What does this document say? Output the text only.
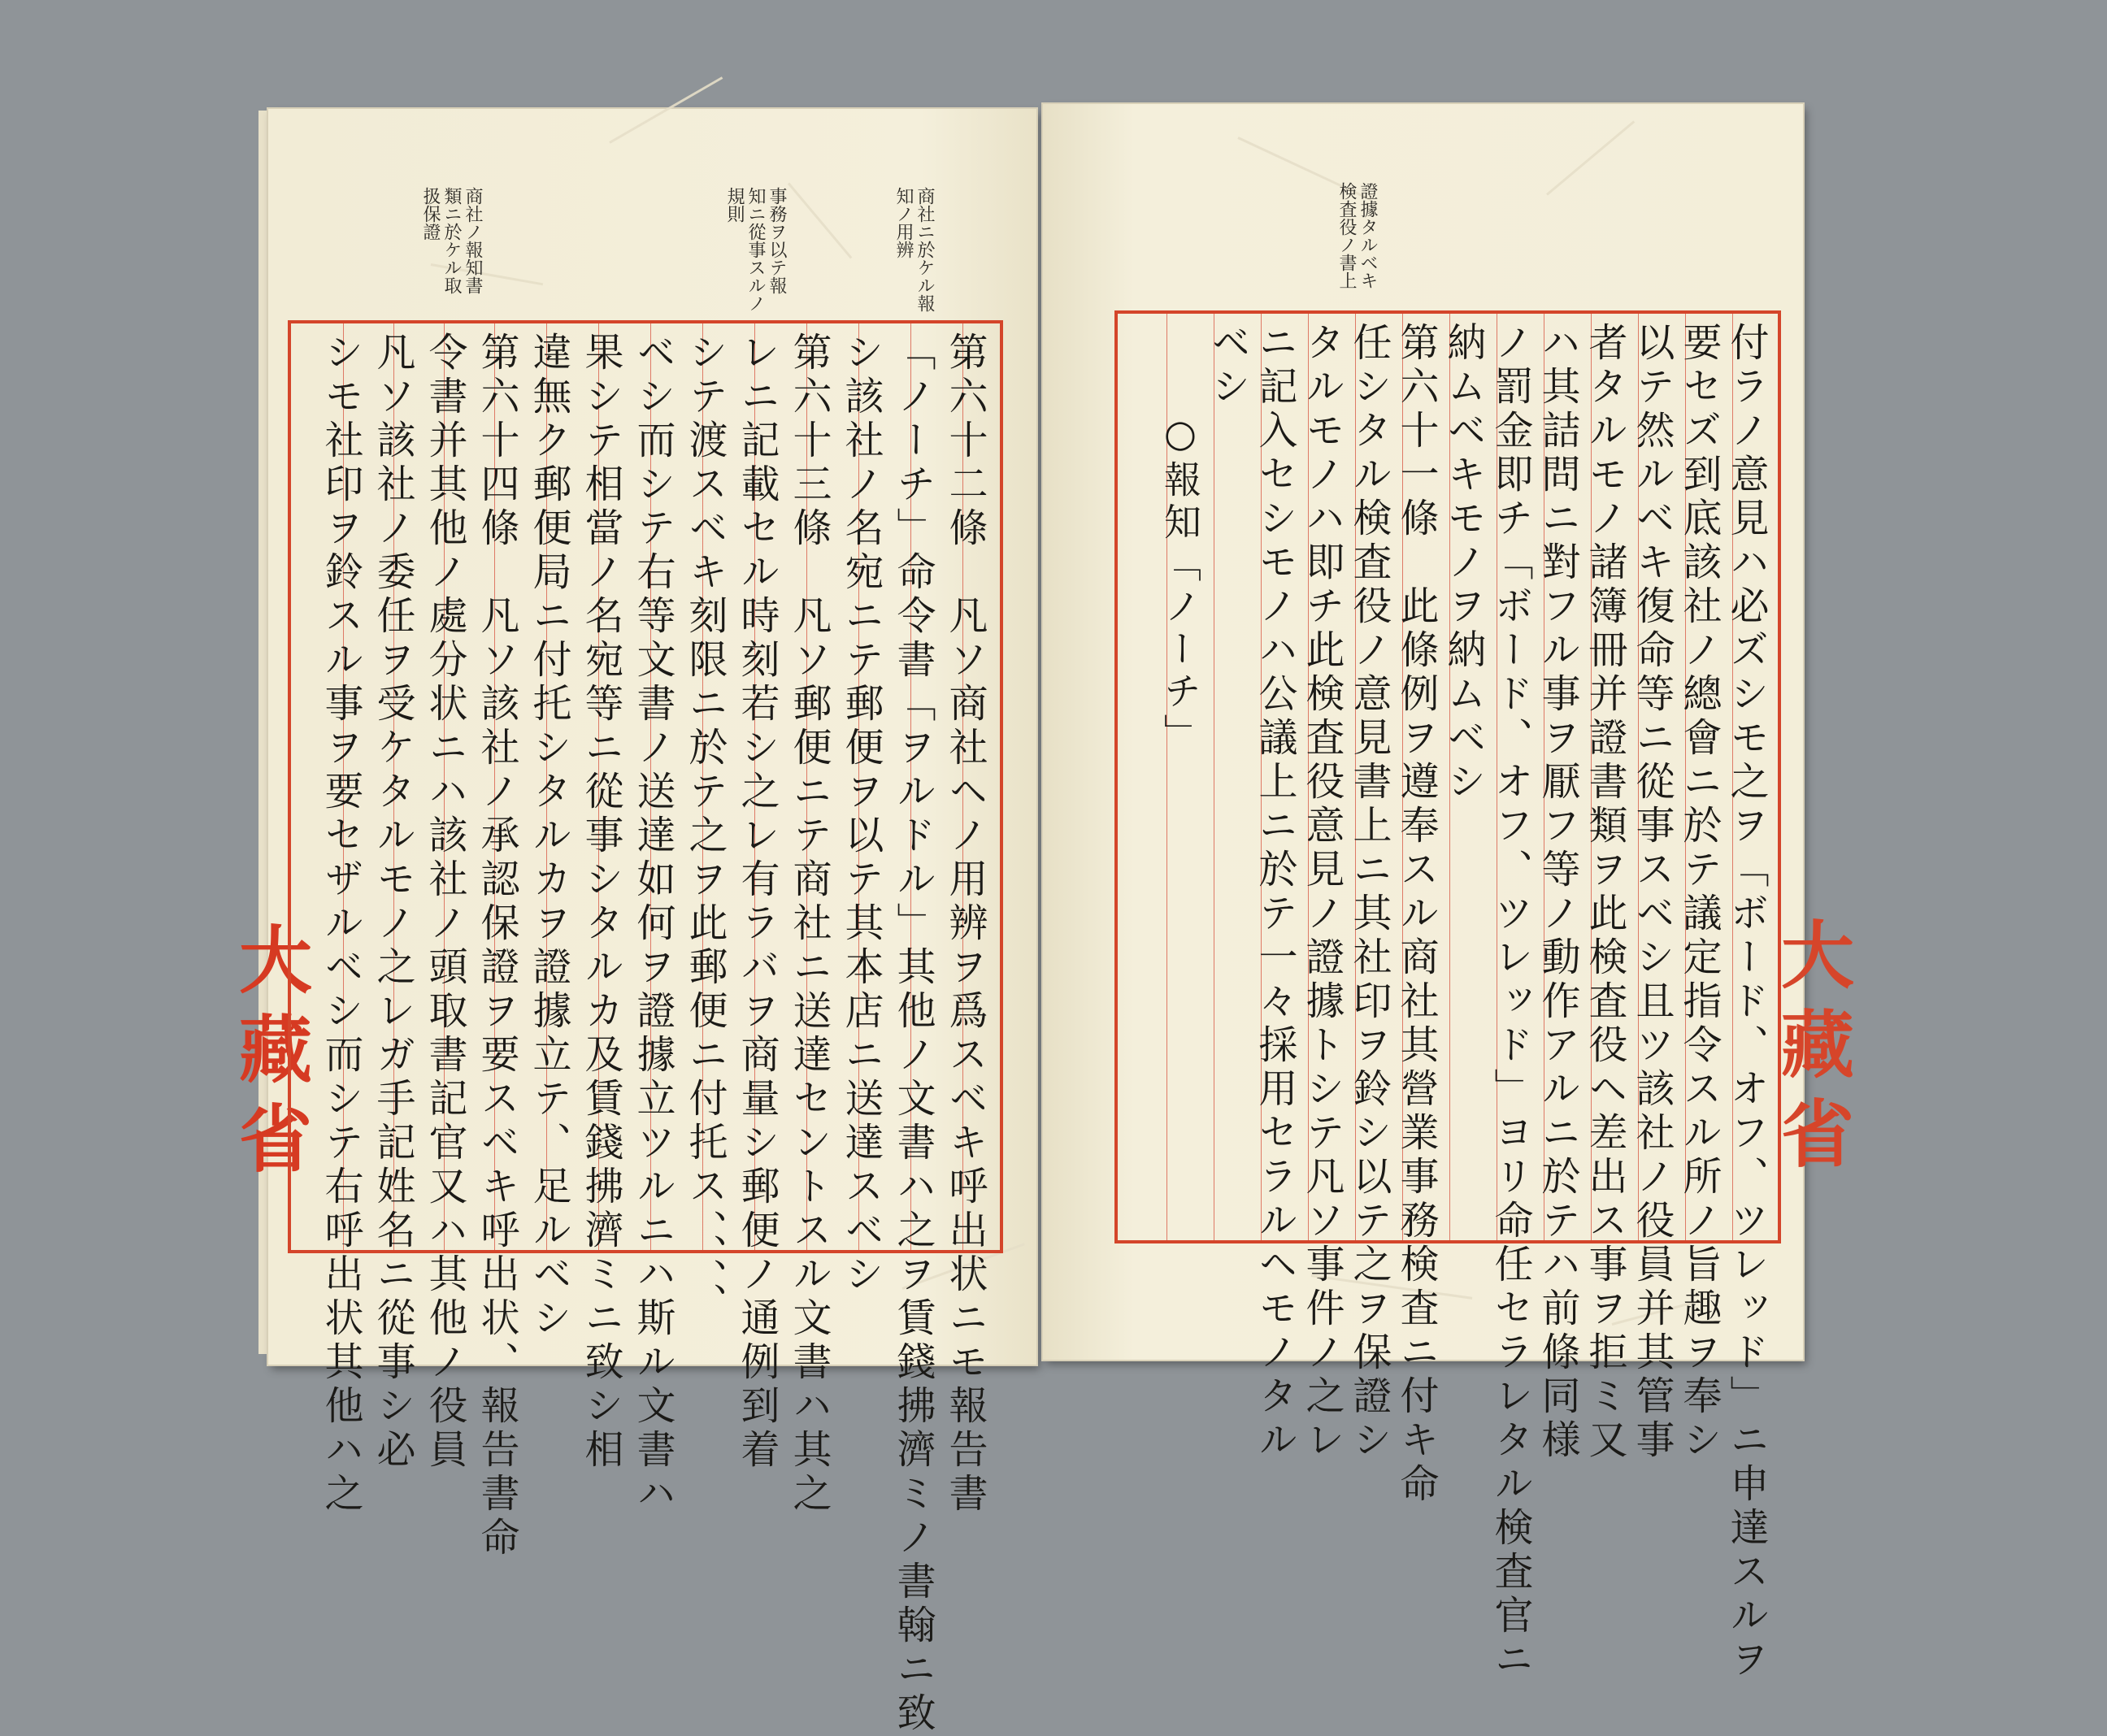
商社ニ於ケル報
知ノ用辨
事務ヲ以テ報
知ニ從事スルノ
規則
商社ノ報知書
類ニ於ケル取
扱保證
大藏省	第六十二條　凡ソ商社ヘノ用辨ヲ爲スベキ呼出状ニモ報告書
「ノーチ」命令書「ヲルドル」其他ノ文書ハ之ヲ賃錢拂濟ミノ書翰ニ致
シ該社ノ名宛ニテ郵便ヲ以テ其本店ニ送達スベシ
第六十三條　凡ソ郵便ニテ商社ニ送達セントスル文書ハ其之
レニ記載セル時刻若シ之レ有ラバヲ商量シ郵便ノ通例到着
シテ渡スベキ刻限ニ於テ之ヲ此郵便ニ付托ス、、、、
ベシ而シテ右等文書ノ送達如何ヲ證據立ツルニハ斯ル文書ハ
果シテ相當ノ名宛等ニ從事シタルカ及賃錢拂濟ミニ致シ相
違無ク郵便局ニ付托シタルカヲ證據立テ、足ルベシ
第六十四條　凡ソ該社ノ承認保證ヲ要スベキ呼出状、報告書命
令書并其他ノ處分状ニハ該社ノ頭取書記官又ハ其他ノ役員
凡ソ該社ノ委任ヲ受ケタルモノ之レガ手記姓名ニ從事シ必
シモ社印ヲ鈴スル事ヲ要セザルベシ而シテ右呼出状其他ハ之
證據タルベキ
検査役ノ書上
大藏省
付ラノ意見ハ必ズシモ之ヲ「ボード、オフ、ツレッド」ニ申達スルヲ
要セズ到底該社ノ總會ニ於テ議定指令スル所ノ旨趣ヲ奉シ
以テ然ルベキ復命等ニ從事スベシ且ツ該社ノ役員并其管事
者タルモノ諸簿冊并證書類ヲ此検査役ヘ差出ス事ヲ拒ミ又
ハ其詰問ニ對フル事ヲ厭フ等ノ動作アルニ於テハ前條同様
ノ罰金即チ「ボード、オフ、ツレッド」ヨリ命任セラレタル検査官ニ
納ムベキモノヲ納ムベシ
第六十一條　此條例ヲ遵奉スル商社其營業事務検査ニ付キ命
任シタル検査役ノ意見書上ニ其社印ヲ鈴シ以テ之ヲ保證シ
タルモノハ即チ此検査役意見ノ證據トシテ凡ソ事件ノ之レ
ニ記入セシモノハ公議上ニ於テ一々採用セラルヘモノタル
ベシ
○報知「ノーチ」
